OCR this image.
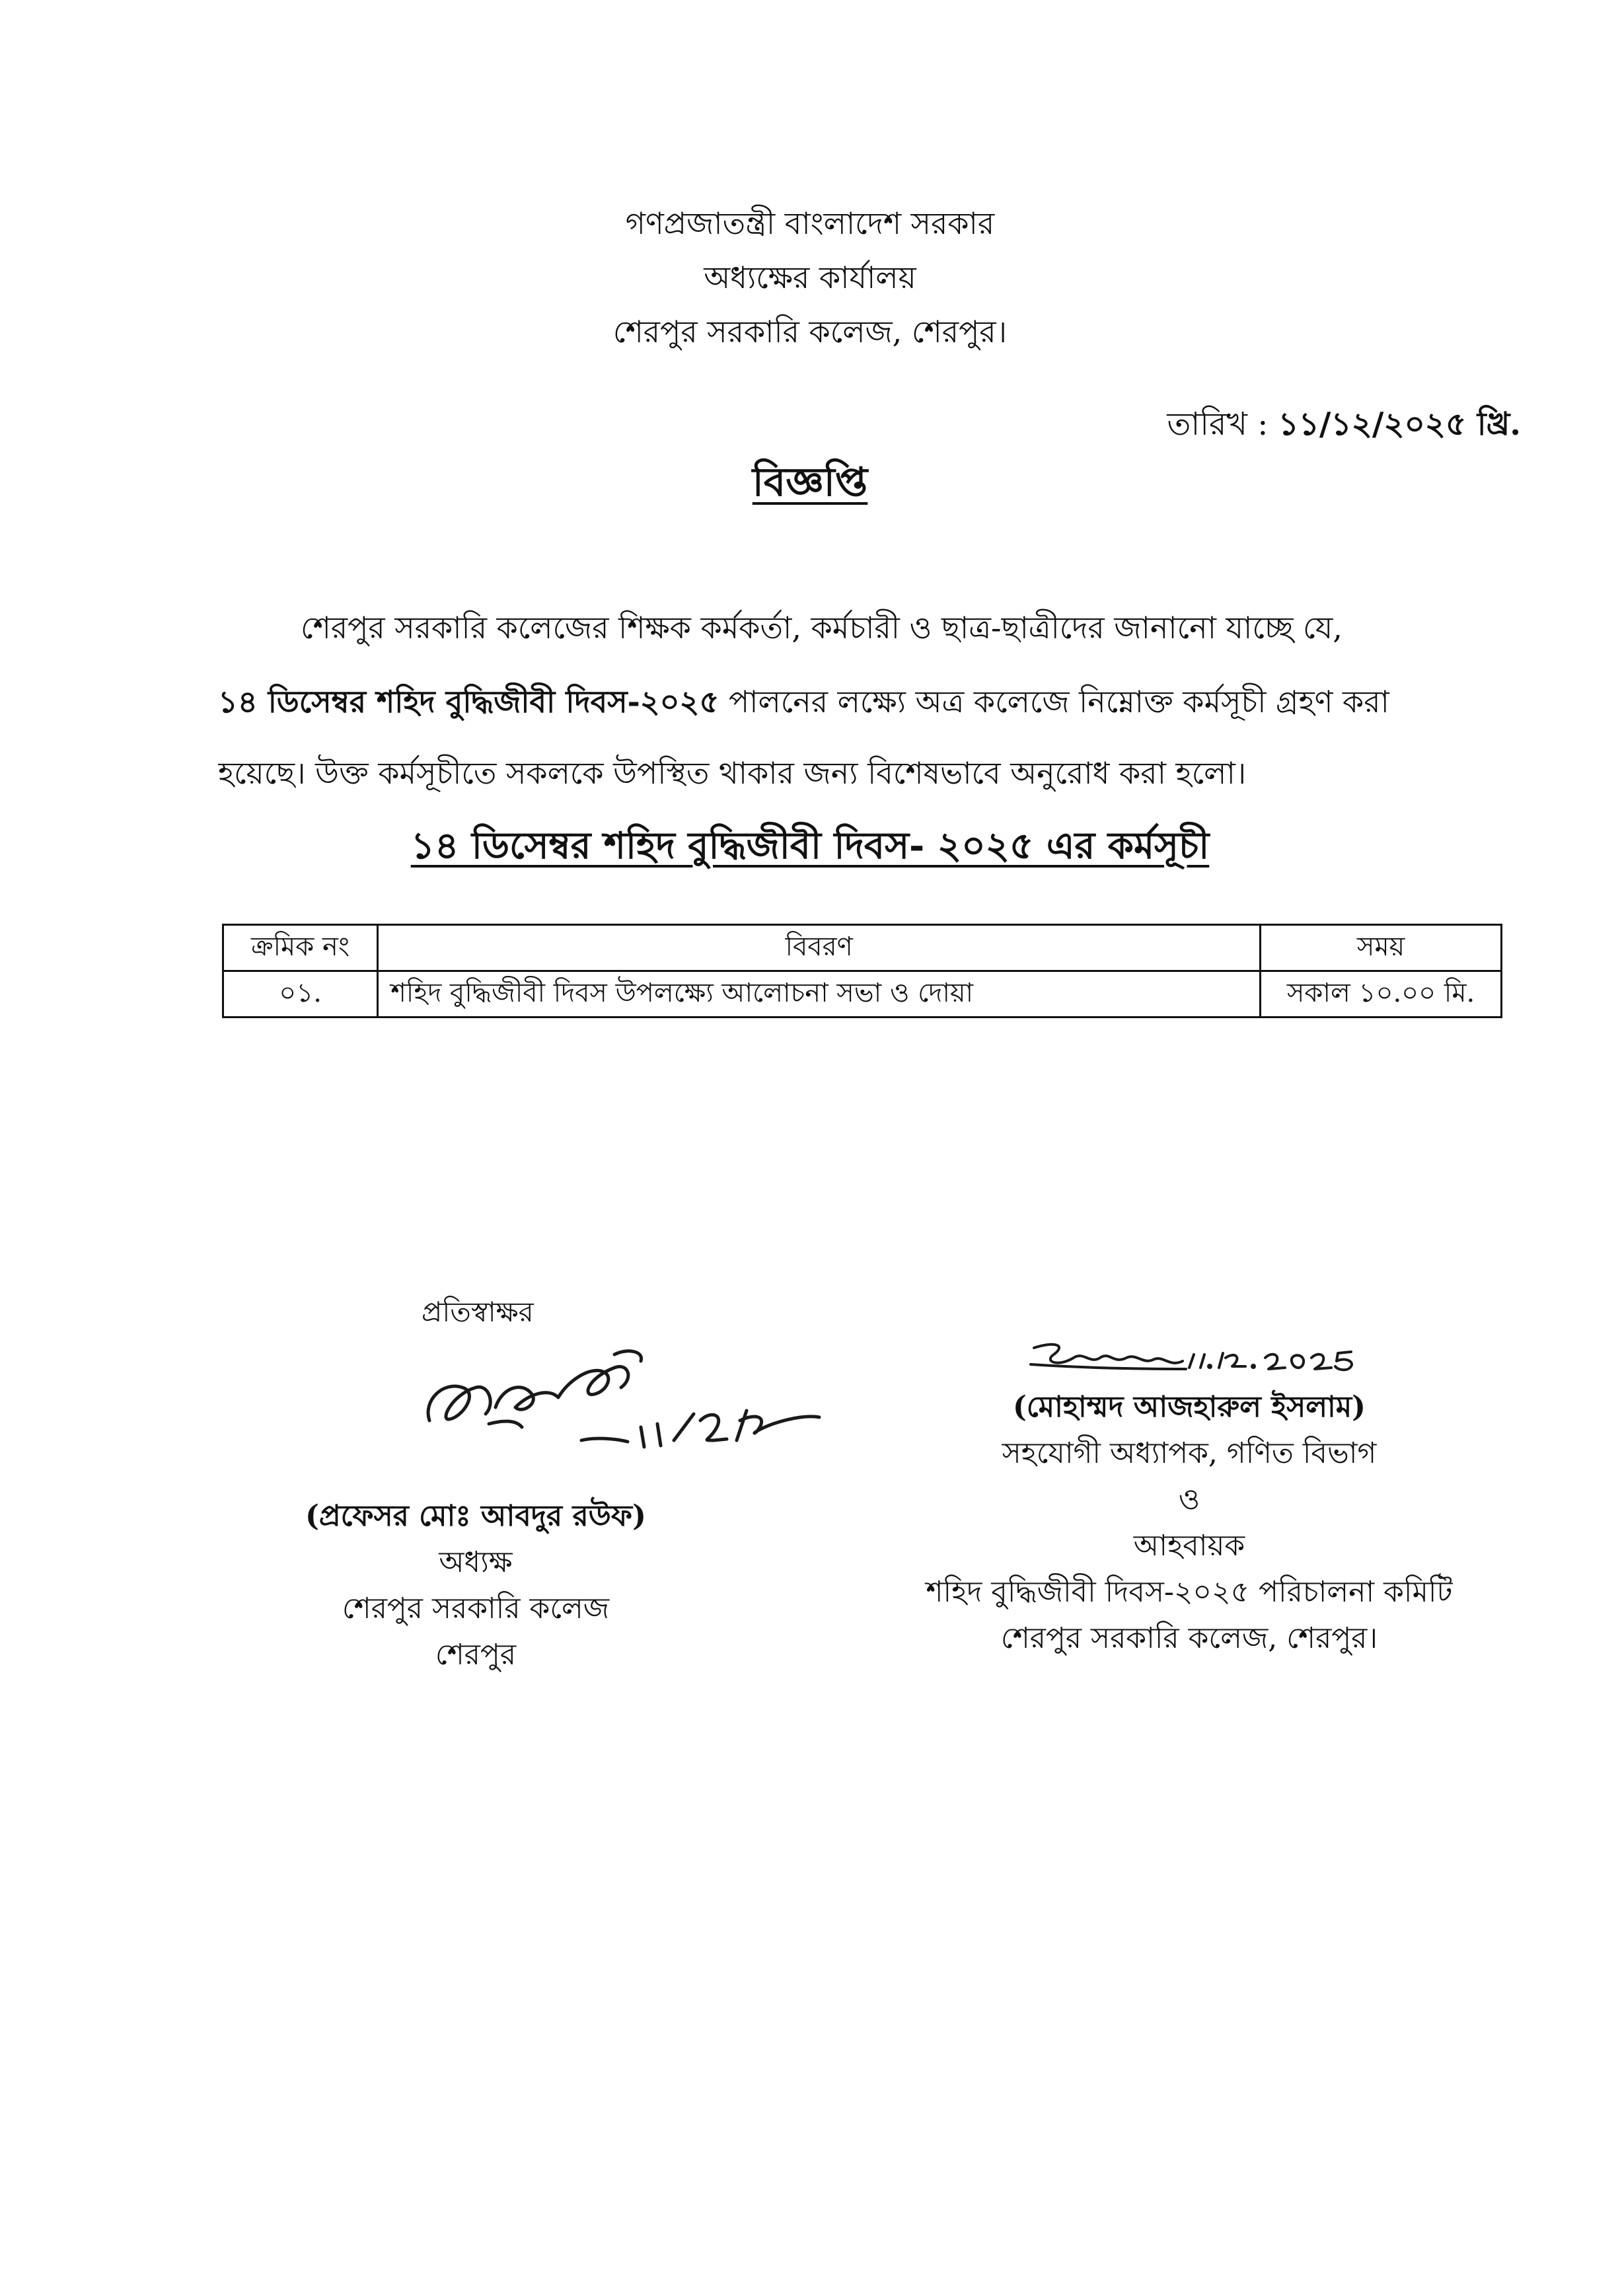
গণপ্রজাতন্ত্রী বাংলাদেশ সরকার
অধ্যক্ষের কার্যালয়
শেরপুর সরকারি কলেজ, শেরপুর।
তারিখ : ১১/১২/২০২৫ খ্রি.
বিজ্ঞপ্তি
শেরপুর সরকারি কলেজের শিক্ষক কর্মকর্তা, কর্মচারী ও ছাত্র-ছাত্রীদের জানানো যাচ্ছে যে,
১৪ ডিসেম্বর শহিদ বুদ্ধিজীবী দিবস-২০২৫ পালনের লক্ষ্যে অত্র কলেজে নিম্নোক্ত কর্মসূচী গ্রহণ করা
হয়েছে। উক্ত কর্মসূচীতে সকলকে উপস্থিত থাকার জন্য বিশেষভাবে অনুরোধ করা হলো।
১৪ ডিসেম্বর শহিদ বুদ্ধিজীবী দিবস- ২০২৫ এর কর্মসূচী
ক্রমিক নং	বিবরণ	সময়
০১.	শহিদ বুদ্ধিজীবী দিবস উপলক্ষ্যে আলোচনা সভা ও দোয়া	সকাল ১০.০০ মি.
প্রতিস্বাক্ষর
(প্রফেসর মোঃ আবদুর রউফ)
অধ্যক্ষ
শেরপুর সরকারি কলেজ
শেরপুর
(মোহাম্মদ আজহারুল ইসলাম)
সহযোগী অধ্যাপক, গণিত বিভাগ
ও
আহবায়ক
শহিদ বুদ্ধিজীবী দিবস-২০২৫ পরিচালনা কমিটি
শেরপুর সরকারি কলেজ, শেরপুর।
